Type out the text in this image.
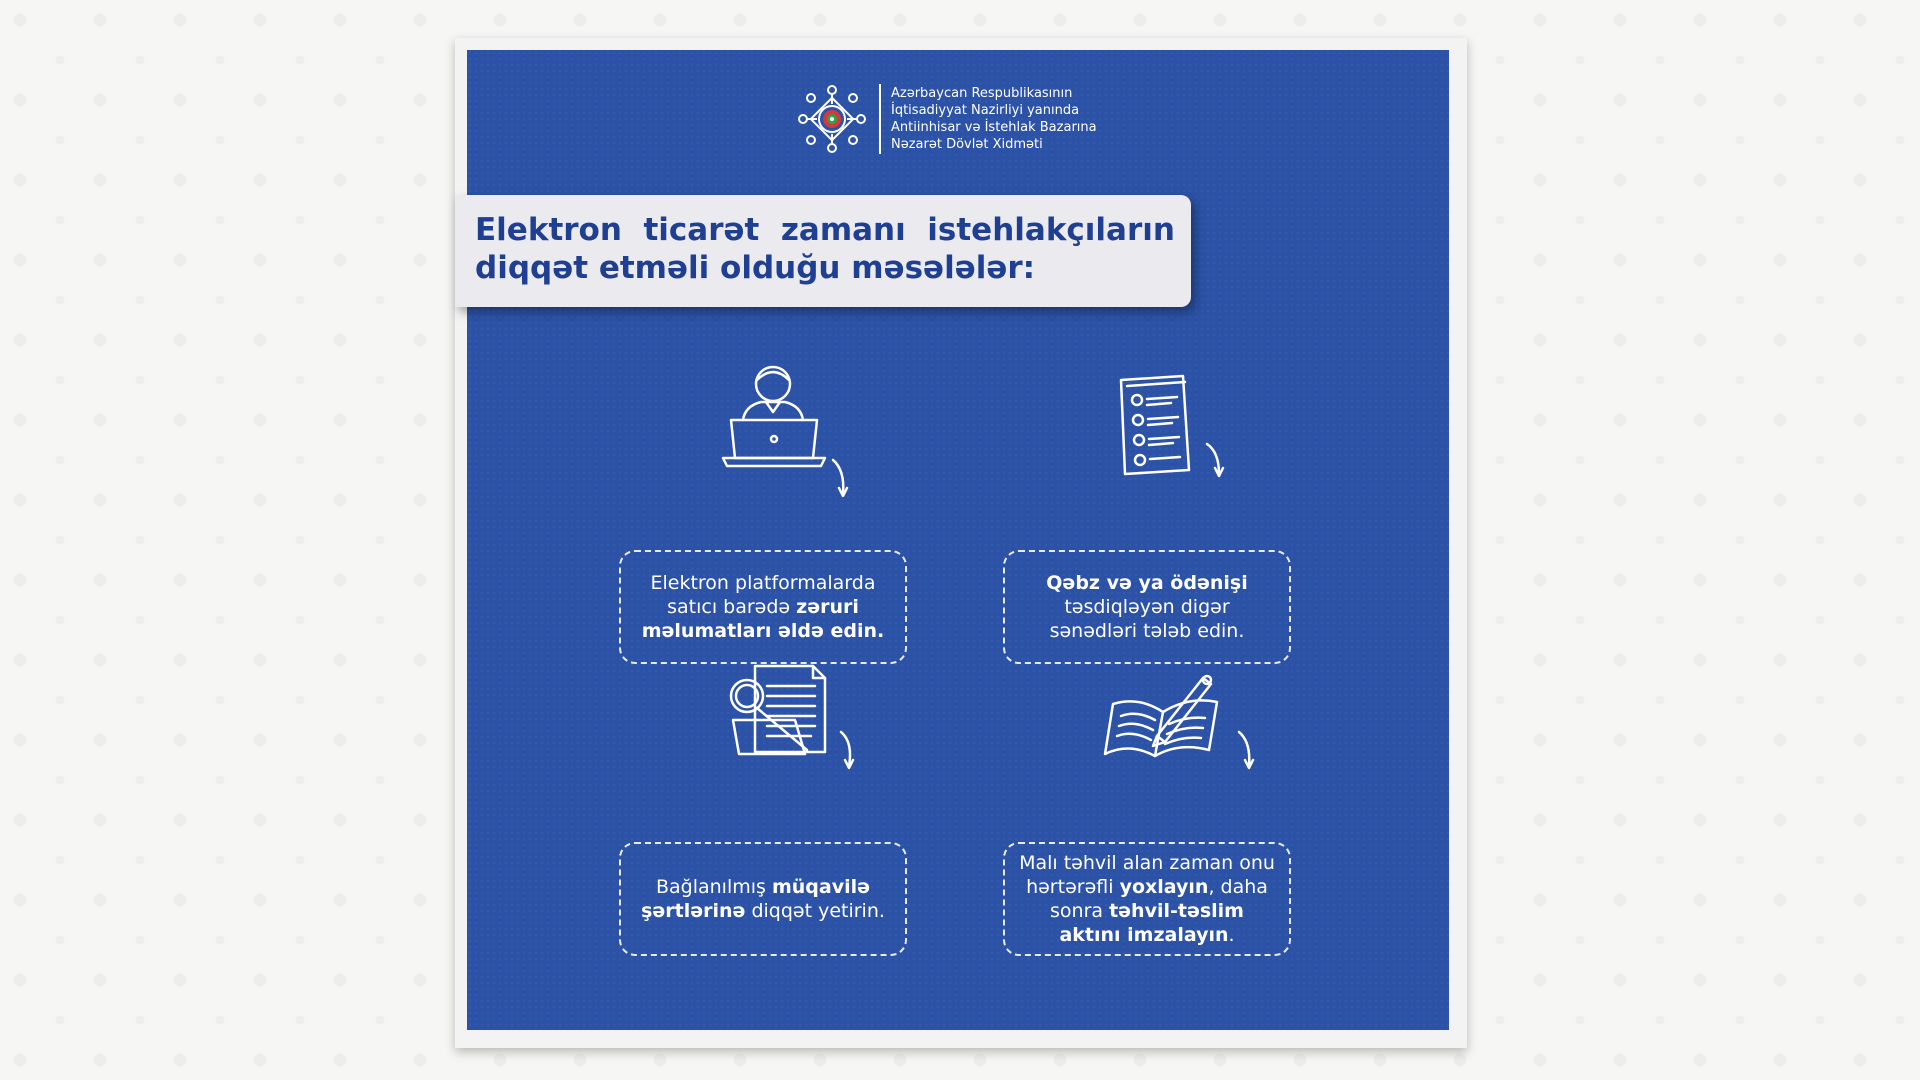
Azərbaycan Respublikasının
İqtisadiyyat Nazirliyi yanında
Antiinhisar və İstehlak Bazarına
Nəzarət Dövlət Xidməti
Elektron ticarət zamanı istehlakçıların
diqqət etməli olduğu məsələlər:

Elektron platformalarda satıcı barədə zəruri məlumatları əldə edin.

Qəbz və ya ödənişi təsdiqləyən digər sənədləri tələb edin.

Bağlanılmış müqavilə şərtlərinə diqqət yetirin.

Malı təhvil alan zaman onu hərtərəfli yoxlayın, daha sonra təhvil-təslim aktını imzalayın.
